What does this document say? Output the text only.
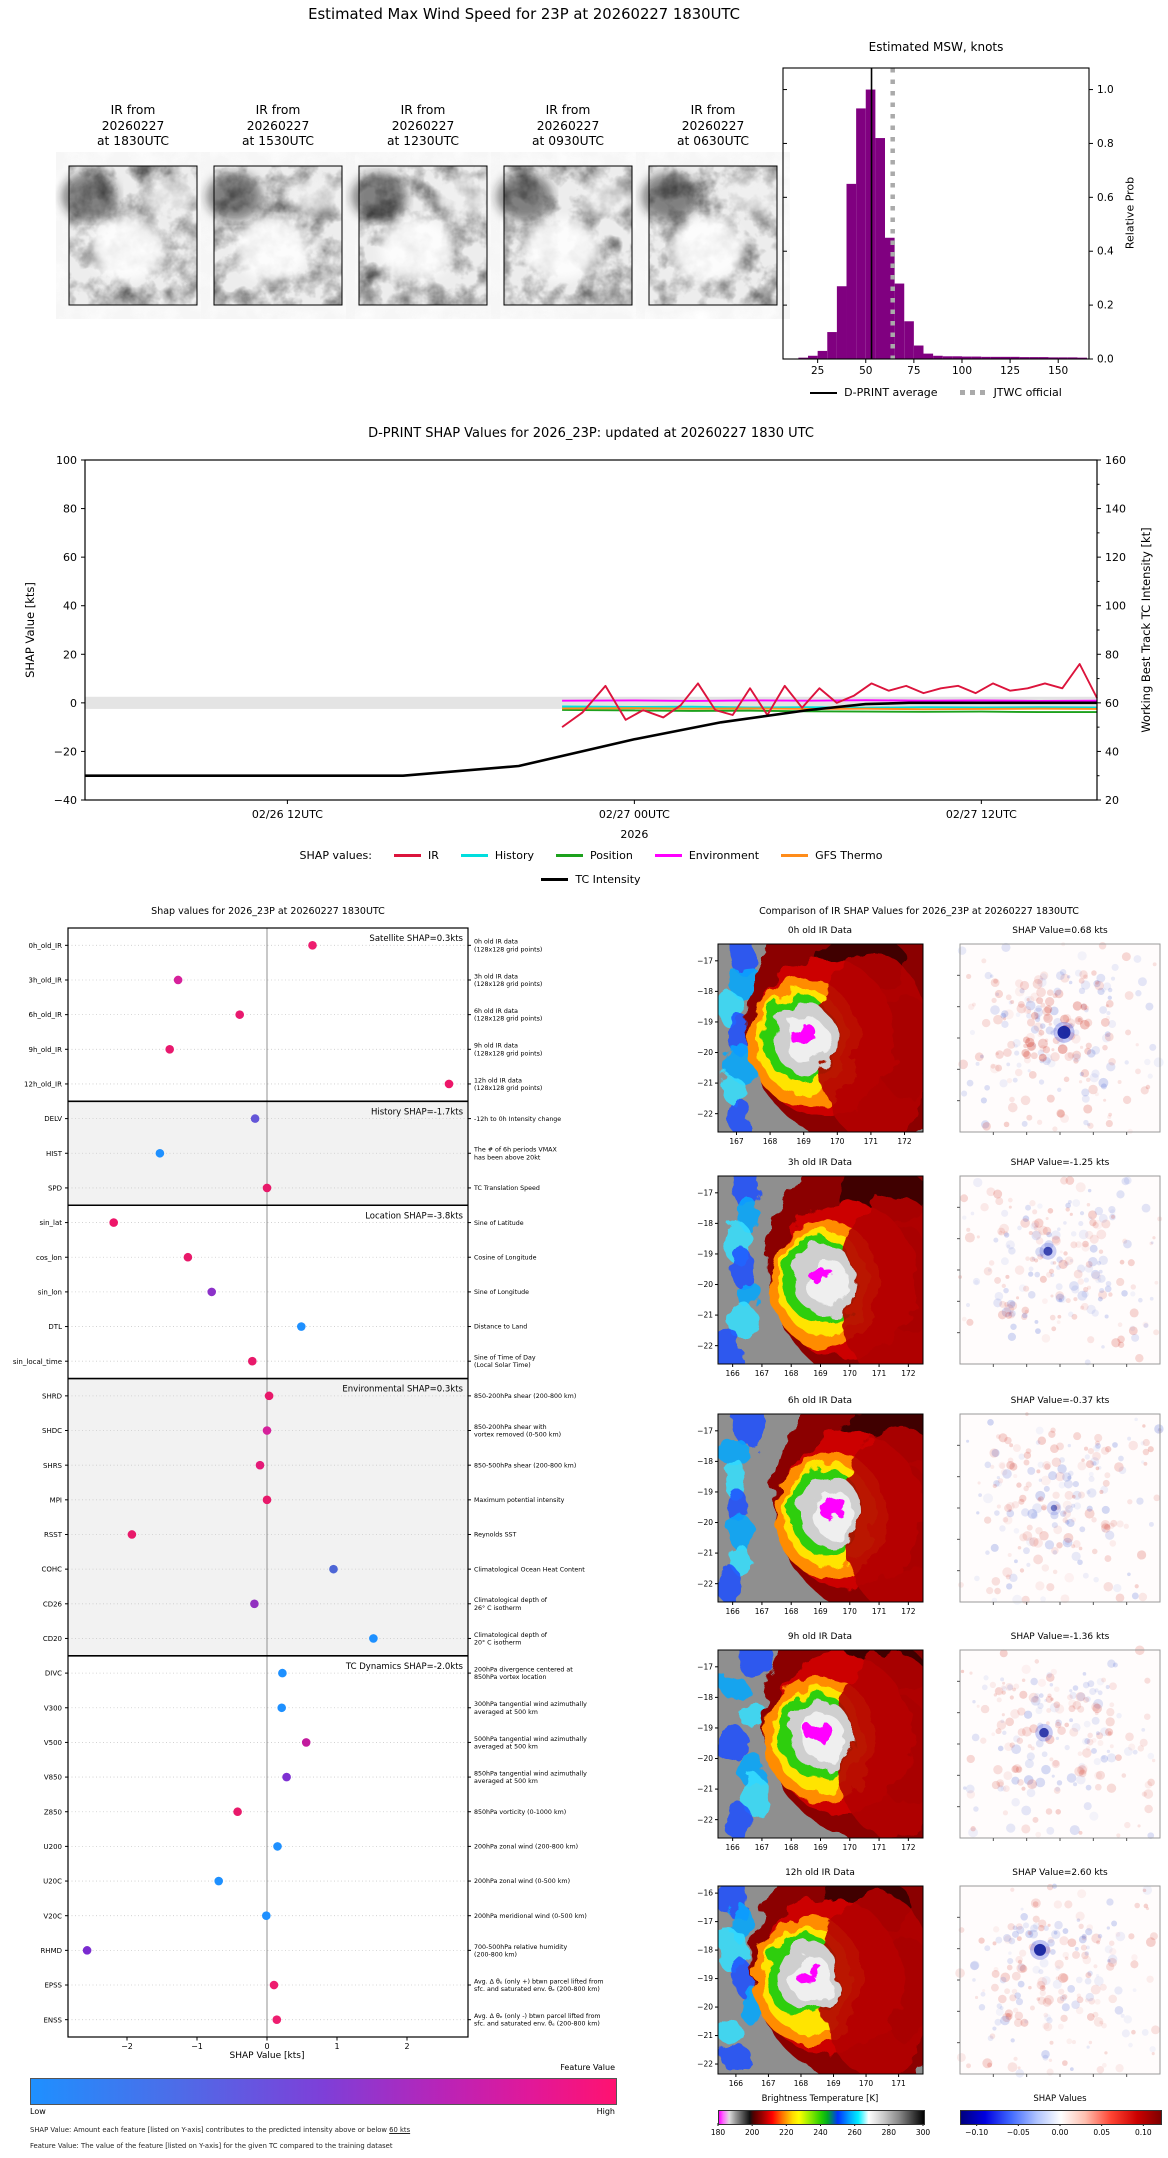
25	50	75	100	125	150
0.0
0.2
0.4
0.6
0.8
1.0
−40
−20
0
20
40
60
80
100
20
40
60
80
100
120
140
160
02/26 12UTC	02/27 00UTC	02/27 12UTC
2026
Satellite SHAP=0.3kts
History SHAP=-1.7kts
Location SHAP=-3.8kts
Environmental SHAP=0.3kts
TC Dynamics SHAP=-2.0kts
0h_old_IR	0h old IR data
(128x128 grid points)
3h_old_IR	3h old IR data
(128x128 grid points)
6h_old_IR	6h old IR data
(128x128 grid points)
9h_old_IR	9h old IR data
(128x128 grid points)
12h_old_IR	12h old IR data
(128x128 grid points)
DELV	-12h to 0h Intensity change
HIST	The # of 6h periods VMAX
has been above 20kt
SPD	TC Translation Speed
sin_lat	Sine of Latitude
cos_lon	Cosine of Longitude
sin_lon	Sine of Longitude
DTL	Distance to Land
sin_local_time	Sine of Time of Day
(Local Solar Time)
SHRD	850-200hPa shear (200-800 km)
SHDC	850-200hPa shear with
vortex removed (0-500 km)
SHRS	850-500hPa shear (200-800 km)
MPI	Maximum potential intensity
RSST	Reynolds SST
COHC	Climatological Ocean Heat Content
CD26	Climatological depth of
26° C isotherm
CD20	Climatological depth of
20° C isotherm
DIVC	200hPa divergence centered at
850hPa vortex location
V300	300hPa tangential wind azimuthally
averaged at 500 km
V500	500hPa tangential wind azimuthally
averaged at 500 km
V850	850hPa tangential wind azimuthally
averaged at 500 km
Z850	850hPa vorticity (0-1000 km)
U200	200hPa zonal wind (200-800 km)
U20C	200hPa zonal wind (0-500 km)
V20C	200hPa meridional wind (0-500 km)
RHMD	700-500hPa relative humidity
(200-800 km)
EPSS	Avg. Δ θₑ (only +) btwn parcel lifted from
sfc. and saturated env. θₑ (200-800 km)
ENSS	Avg. Δ θₑ (only -) btwn parcel lifted from
sfc. and saturated env. θₑ (200-800 km)
−2	−1	0	1	2
167	168	169	170	171	172
−17
−18
−19
−20
−21
−22
166 167 168 169 170 171 172
−17
−18
−19
−20
−21
−22
166 167 168 169 170 171 172
−17
−18
−19
−20
−21
−22
166 167 168 169 170 171 172
−17
−18
−19
−20
−21
−22
166 167 168 169 170 171
−16
−17
−18
−19
−20
−21
−22
180	200	220	240	260	280	300	−0.10 −0.05	0.00	0.05	0.10
Estimated Max Wind Speed for 23P at 20260227 1830UTC
IR from
20260227
at 1830UTC
IR from
20260227
at 1530UTC
IR from
20260227
at 1230UTC
IR from
20260227
at 0930UTC
IR from
20260227
at 0630UTC
Estimated MSW, knots
Relative Prob
D-PRINT average	JTWC official
D-PRINT SHAP Values for 2026_23P: updated at 20260227 1830 UTC
SHAP Value [kts]	Working Best Track TC Intensity [kt]
SHAP values:	IR	History	Position	Environment	GFS Thermo
TC Intensity
Shap values for 2026_23P at 20260227 1830UTC
SHAP Value [kts]
Feature Value
Low	High
SHAP Value: Amount each feature [listed on Y-axis] contributes to the predicted intensity above or below 60 kts
Feature Value: The value of the feature [listed on Y-axis] for the given TC compared to the training dataset
Comparison of IR SHAP Values for 2026_23P at 20260227 1830UTC
0h old IR Data	SHAP Value=0.68 kts
3h old IR Data	SHAP Value=-1.25 kts
6h old IR Data	SHAP Value=-0.37 kts
9h old IR Data	SHAP Value=-1.36 kts
12h old IR Data	SHAP Value=2.60 kts
Brightness Temperature [K]	SHAP Values
